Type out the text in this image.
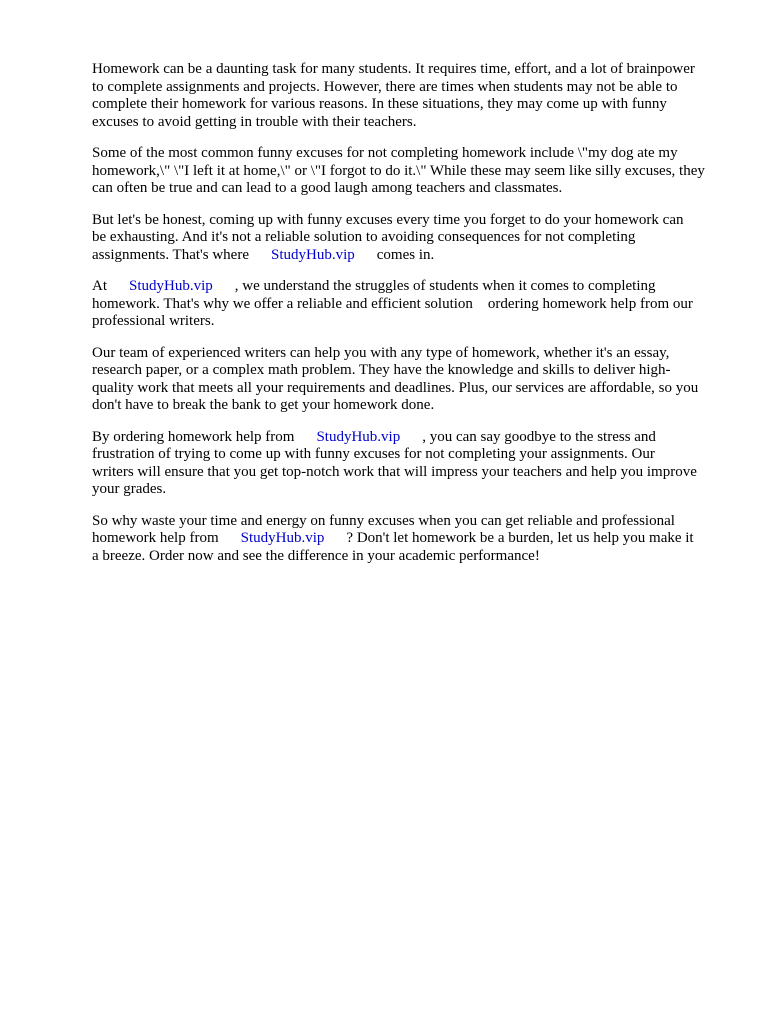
Homework can be a daunting task for many students. It requires time, effort, and a lot of brainpower
to complete assignments and projects. However, there are times when students may not be able to
complete their homework for various reasons. In these situations, they may come up with funny
excuses to avoid getting in trouble with their teachers.

Some of the most common funny excuses for not completing homework include \"my dog ate my
homework,\" \"I left it at home,\" or \"I forgot to do it.\" While these may seem like silly excuses, they
can often be true and can lead to a good laugh among teachers and classmates.

But let's be honest, coming up with funny excuses every time you forget to do your homework can
be exhausting. And it's not a reliable solution to avoiding consequences for not completing
assignments. That's where StudyHub.vip comes in.

At StudyHub.vip , we understand the struggles of students when it comes to completing
homework. That's why we offer a reliable and efficient solution    ordering homework help from our
professional writers.

Our team of experienced writers can help you with any type of homework, whether it's an essay,
research paper, or a complex math problem. They have the knowledge and skills to deliver high-
quality work that meets all your requirements and deadlines. Plus, our services are affordable, so you
don't have to break the bank to get your homework done.

By ordering homework help from StudyHub.vip , you can say goodbye to the stress and
frustration of trying to come up with funny excuses for not completing your assignments. Our
writers will ensure that you get top-notch work that will impress your teachers and help you improve
your grades.

So why waste your time and energy on funny excuses when you can get reliable and professional
homework help from StudyHub.vip ? Don't let homework be a burden, let us help you make it
a breeze. Order now and see the difference in your academic performance!
